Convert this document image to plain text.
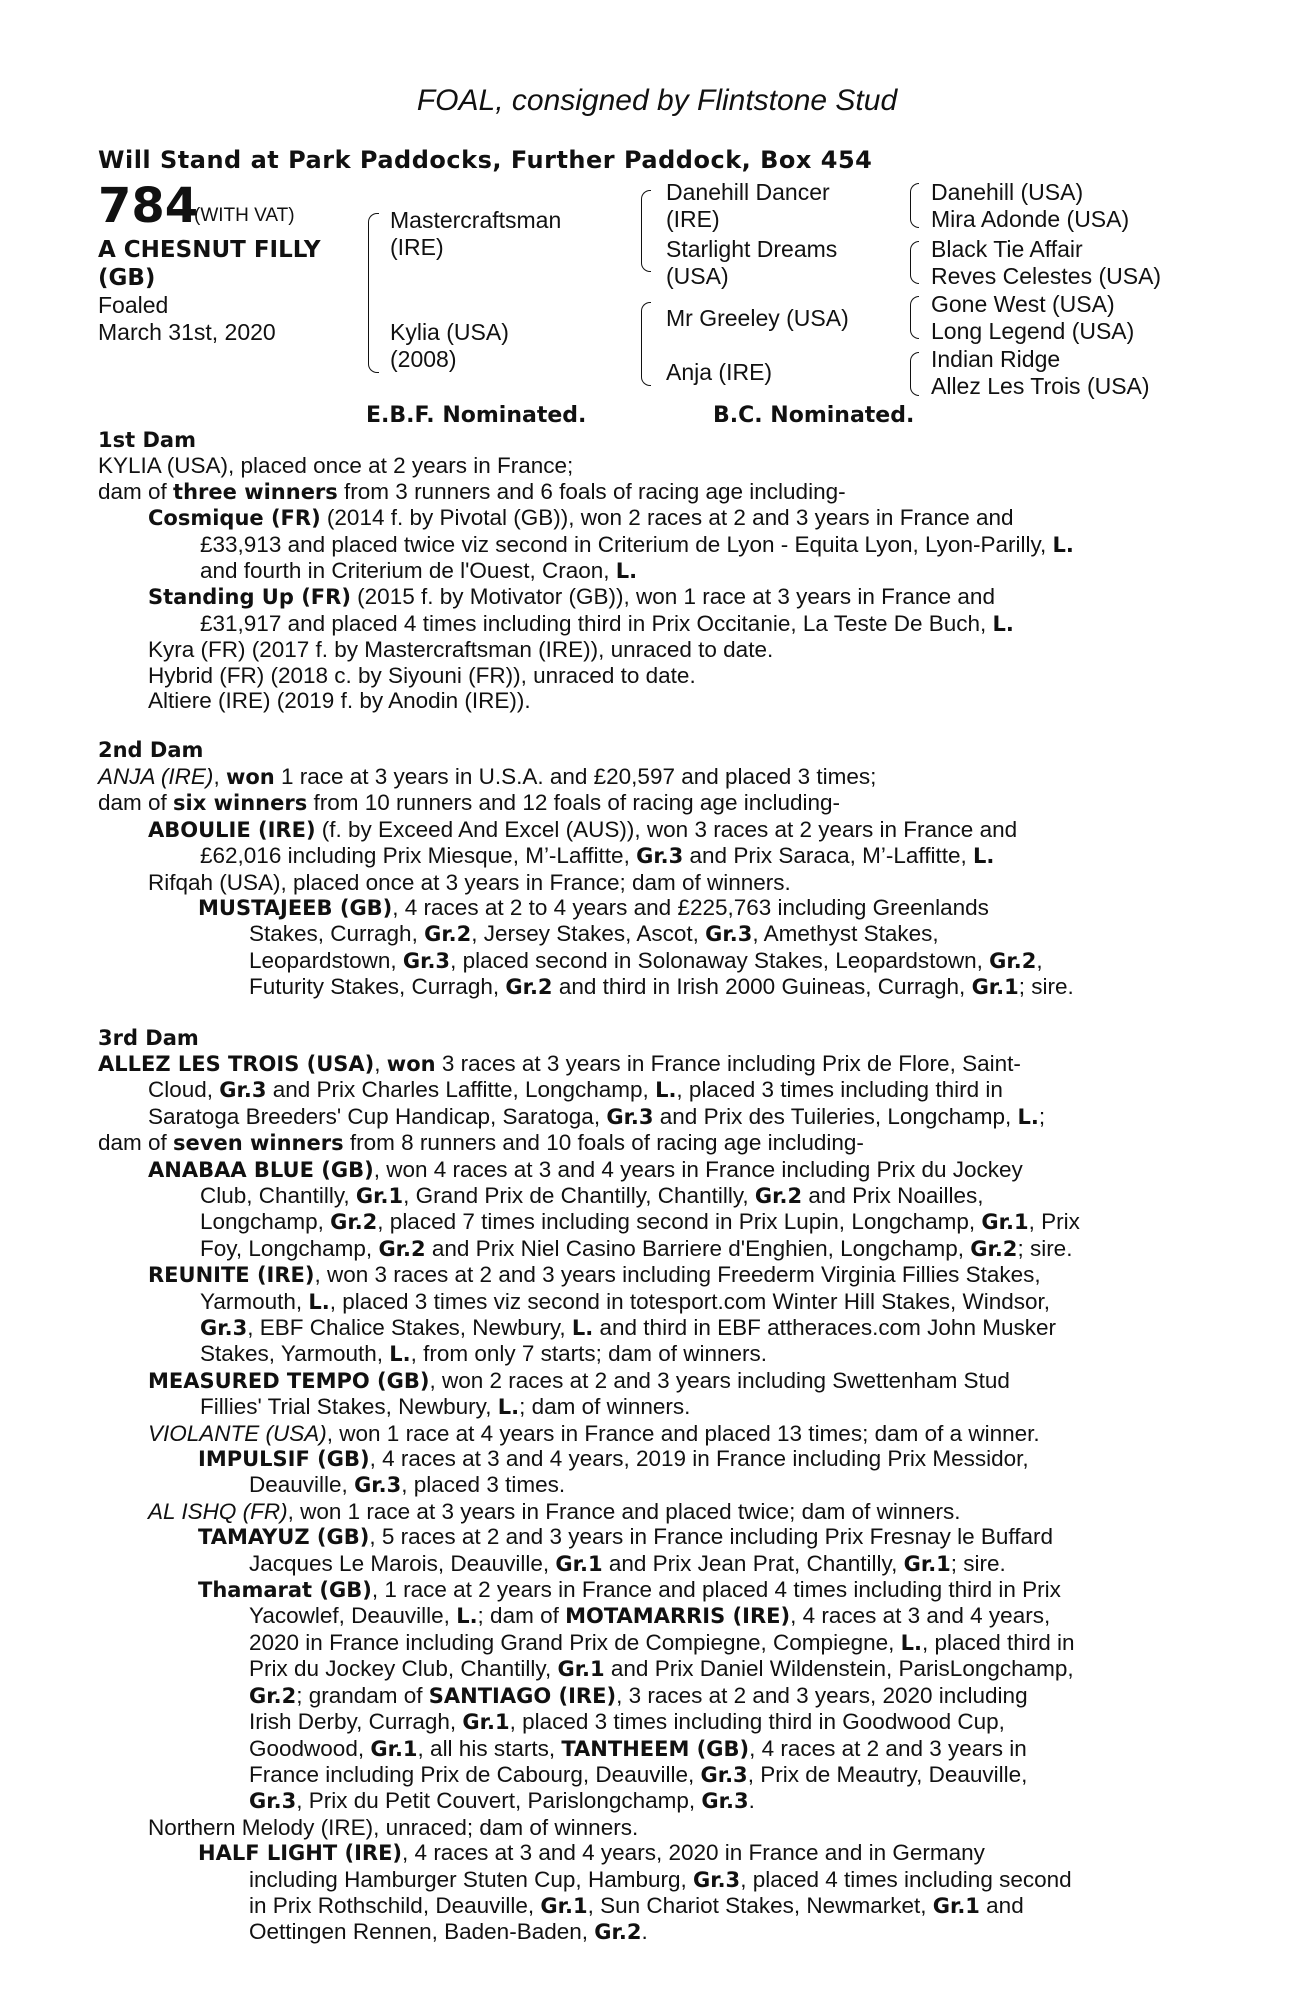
FOAL, consigned by Flintstone Stud
Will Stand at Park Paddocks, Further Paddock, Box 454
784
(WITH VAT)
A CHESNUT FILLY
(GB)
Foaled
March 31st, 2020
Mastercraftsman
(IRE)
Kylia (USA)
(2008)
Danehill Dancer
(IRE)
Starlight Dreams
(USA)
Mr Greeley (USA)
Anja (IRE)
Danehill (USA)
Mira Adonde (USA)
Black Tie Affair
Reves Celestes (USA)
Gone West (USA)
Long Legend (USA)
Indian Ridge
Allez Les Trois (USA)
E.B.F. Nominated.	B.C. Nominated.
1st Dam
KYLIA (USA), placed once at 2 years in France;
dam of three winners from 3 runners and 6 foals of racing age including-
Cosmique (FR) (2014 f. by Pivotal (GB)), won 2 races at 2 and 3 years in France and
£33,913 and placed twice viz second in Criterium de Lyon - Equita Lyon, Lyon-Parilly, L.
and fourth in Criterium de l'Ouest, Craon, L.
Standing Up (FR) (2015 f. by Motivator (GB)), won 1 race at 3 years in France and
£31,917 and placed 4 times including third in Prix Occitanie, La Teste De Buch, L.
Kyra (FR) (2017 f. by Mastercraftsman (IRE)), unraced to date.
Hybrid (FR) (2018 c. by Siyouni (FR)), unraced to date.
Altiere (IRE) (2019 f. by Anodin (IRE)).
2nd Dam
ANJA (IRE), won 1 race at 3 years in U.S.A. and £20,597 and placed 3 times;
dam of six winners from 10 runners and 12 foals of racing age including-
ABOULIE (IRE) (f. by Exceed And Excel (AUS)), won 3 races at 2 years in France and
£62,016 including Prix Miesque, M’-Laffitte, Gr.3 and Prix Saraca, M’-Laffitte, L.
Rifqah (USA), placed once at 3 years in France; dam of winners.
MUSTAJEEB (GB), 4 races at 2 to 4 years and £225,763 including Greenlands
Stakes, Curragh, Gr.2, Jersey Stakes, Ascot, Gr.3, Amethyst Stakes,
Leopardstown, Gr.3, placed second in Solonaway Stakes, Leopardstown, Gr.2,
Futurity Stakes, Curragh, Gr.2 and third in Irish 2000 Guineas, Curragh, Gr.1; sire.
3rd Dam
ALLEZ LES TROIS (USA), won 3 races at 3 years in France including Prix de Flore, Saint-
Cloud, Gr.3 and Prix Charles Laffitte, Longchamp, L., placed 3 times including third in
Saratoga Breeders' Cup Handicap, Saratoga, Gr.3 and Prix des Tuileries, Longchamp, L.;
dam of seven winners from 8 runners and 10 foals of racing age including-
ANABAA BLUE (GB), won 4 races at 3 and 4 years in France including Prix du Jockey
Club, Chantilly, Gr.1, Grand Prix de Chantilly, Chantilly, Gr.2 and Prix Noailles,
Longchamp, Gr.2, placed 7 times including second in Prix Lupin, Longchamp, Gr.1, Prix
Foy, Longchamp, Gr.2 and Prix Niel Casino Barriere d'Enghien, Longchamp, Gr.2; sire.
REUNITE (IRE), won 3 races at 2 and 3 years including Freederm Virginia Fillies Stakes,
Yarmouth, L., placed 3 times viz second in totesport.com Winter Hill Stakes, Windsor,
Gr.3, EBF Chalice Stakes, Newbury, L. and third in EBF attheraces.com John Musker
Stakes, Yarmouth, L., from only 7 starts; dam of winners.
MEASURED TEMPO (GB), won 2 races at 2 and 3 years including Swettenham Stud
Fillies' Trial Stakes, Newbury, L.; dam of winners.
VIOLANTE (USA), won 1 race at 4 years in France and placed 13 times; dam of a winner.
IMPULSIF (GB), 4 races at 3 and 4 years, 2019 in France including Prix Messidor,
Deauville, Gr.3, placed 3 times.
AL ISHQ (FR), won 1 race at 3 years in France and placed twice; dam of winners.
TAMAYUZ (GB), 5 races at 2 and 3 years in France including Prix Fresnay le Buffard
Jacques Le Marois, Deauville, Gr.1 and Prix Jean Prat, Chantilly, Gr.1; sire.
Thamarat (GB), 1 race at 2 years in France and placed 4 times including third in Prix
Yacowlef, Deauville, L.; dam of MOTAMARRIS (IRE), 4 races at 3 and 4 years,
2020 in France including Grand Prix de Compiegne, Compiegne, L., placed third in
Prix du Jockey Club, Chantilly, Gr.1 and Prix Daniel Wildenstein, ParisLongchamp,
Gr.2; grandam of SANTIAGO (IRE), 3 races at 2 and 3 years, 2020 including
Irish Derby, Curragh, Gr.1, placed 3 times including third in Goodwood Cup,
Goodwood, Gr.1, all his starts, TANTHEEM (GB), 4 races at 2 and 3 years in
France including Prix de Cabourg, Deauville, Gr.3, Prix de Meautry, Deauville,
Gr.3, Prix du Petit Couvert, Parislongchamp, Gr.3.
Northern Melody (IRE), unraced; dam of winners.
HALF LIGHT (IRE), 4 races at 3 and 4 years, 2020 in France and in Germany
including Hamburger Stuten Cup, Hamburg, Gr.3, placed 4 times including second
in Prix Rothschild, Deauville, Gr.1, Sun Chariot Stakes, Newmarket, Gr.1 and
Oettingen Rennen, Baden-Baden, Gr.2.
